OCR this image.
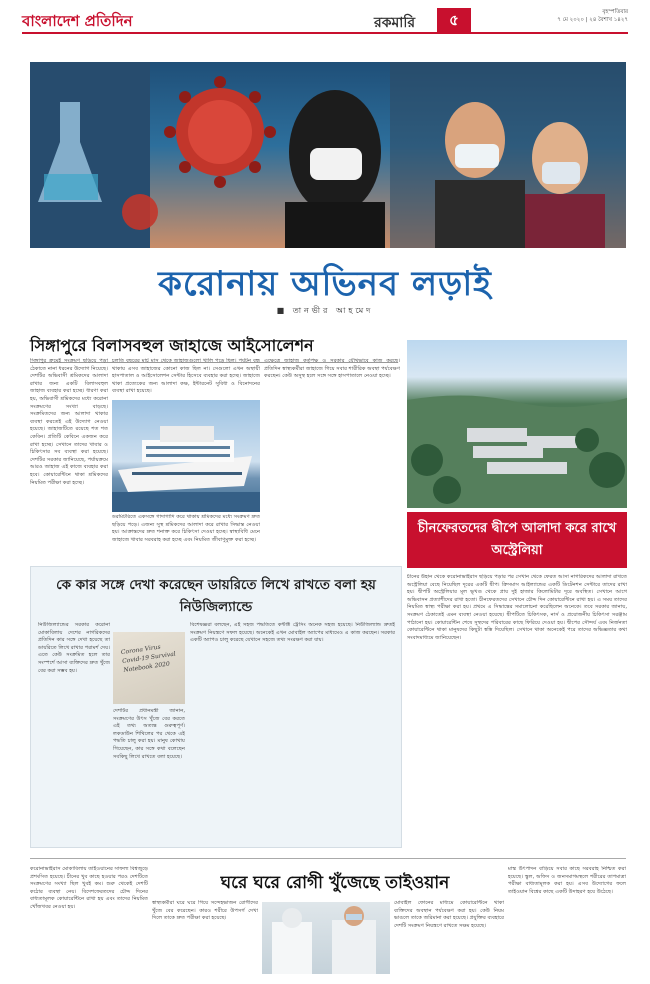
বাংলাদেশ প্রতিদিন	রকমারি	৫	বৃহস্পতিবার
৭ মে ২০২০ | ২৪ বৈশাখ ১৪২৭
করোনায় অভিনব লড়াই
■ তানভীর আহমেদ
সিঙ্গাপুরে বিলাসবহুল জাহাজে আইসোলেশন
সিঙ্গাপুর ক্রমেই সংক্রমণ ছড়িয়ে পড়া ঠেকাতে নানা ধরনের উদ্যোগ নিয়েছে। দেশটির অভিবাসী শ্রমিকদের আলাদা রাখার জন্য একটি বিলাসবহুল জাহাজ ব্যবহার করা হচ্ছে। ধারণা করা হয়, অভিবাসী শ্রমিকদের মধ্যে করোনা সংক্রমণের সংখ্যা বাড়ছে। সংক্রমিতদের জন্য আলাদা থাকার ব্যবস্থা করতেই এই উদ্যোগ নেওয়া হয়েছে। জাহাজটিতে রয়েছে শত শত কেবিন। প্রতিটি কেবিনে একজন করে রাখা হচ্ছে। সেখানে তাদের খাবার ও চিকিৎসার সব ব্যবস্থা করা হয়েছে। দেশটির সরকার জানিয়েছে, পর্যায়ক্রমে আরও জাহাজ এই কাজে ব্যবহার করা হবে। কোয়ারেন্টিনে থাকা শ্রমিকদের নিয়মিত পরীক্ষা করা হচ্ছে।
চলতি বছরের মার্চ মাস থেকে জাহাজগুলো খালি পড়ে ছিল। পর্যটন বন্ধ থাকায় এসব জাহাজের কোনো কাজ ছিল না। সেগুলো এখন অস্থায়ী হাসপাতাল ও আইসোলেশন সেন্টার হিসেবে ব্যবহার করা হচ্ছে। জাহাজে থাকা প্রত্যেকের জন্য আলাদা কক্ষ, ইন্টারনেট সুবিধা ও বিনোদনের ব্যবস্থা রাখা হয়েছে।
ডরমিটরিতে একসঙ্গে গাদাগাদি করে থাকায় শ্রমিকদের মধ্যে সংক্রমণ দ্রুত ছড়িয়ে পড়ে। এজন্য সুস্থ শ্রমিকদের আলাদা করে রাখার সিদ্ধান্ত নেওয়া হয়। আক্রান্তদের দ্রুত শনাক্ত করে চিকিৎসা দেওয়া হচ্ছে। স্বাস্থ্যবিধি মেনে জাহাজে খাবার সরবরাহ করা হচ্ছে এবং নিয়মিত জীবাণুমুক্ত করা হচ্ছে।
এক্ষেত্রে জাহাজ কর্তৃপক্ষ ও সরকার যৌথভাবে কাজ করছে। প্রতিদিন স্বাস্থ্যকর্মীরা জাহাজে গিয়ে সবার শারীরিক অবস্থা পর্যবেক্ষণ করছেন। কেউ অসুস্থ হলে সঙ্গে সঙ্গে হাসপাতালে নেওয়া হচ্ছে।
চীনফেরতদের দ্বীপে আলাদা করে রাখে অস্ট্রেলিয়া
চীনের উহান থেকে করোনাভাইরাস ছড়িয়ে পড়ার পর সেখান থেকে ফেরত আসা নাগরিকদের আলাদা রাখতে অস্ট্রেলিয়া বেছে নিয়েছিল দূরের একটি দ্বীপ। ক্রিসমাস আইল্যান্ডের একটি ডিটেনশন সেন্টারে তাদের রাখা হয়। দ্বীপটি অস্ট্রেলিয়ার মূল ভূখণ্ড থেকে প্রায় দুই হাজার কিলোমিটার দূরে অবস্থিত। সেখানে আগে অভিবাসন প্রত্যাশীদের রাখা হতো। চীনফেরতদের সেখানে চৌদ্দ দিন কোয়ারেন্টিনে রাখা হয়। এ সময় তাদের নিয়মিত স্বাস্থ্য পরীক্ষা করা হয়। প্রথমে এ সিদ্ধান্তের সমালোচনা করেছিলেন অনেকে। তবে সরকার জানায়, সংক্রমণ ঠেকাতেই এমন ব্যবস্থা নেওয়া হয়েছে। দ্বীপটিতে চিকিৎসক, নার্স ও প্রয়োজনীয় চিকিৎসা সরঞ্জাম পাঠানো হয়। কোয়ারেন্টিন শেষে সুস্থদের পরিবারের কাছে ফিরিয়ে দেওয়া হয়। দ্বীপের সৌন্দর্য এবং নির্জনতা কোয়ারেন্টিনে থাকা মানুষদের কিছুটা স্বস্তি দিয়েছিল। সেখানে থাকা অনেকেই পরে তাদের অভিজ্ঞতার কথা সংবাদমাধ্যমে জানিয়েছেন।
কে কার সঙ্গে দেখা করেছেন ডায়রিতে লিখে রাখতে বলা হয় নিউজিল্যান্ডে
নিউজিল্যান্ডের সরকার করোনা মোকাবিলায় দেশের নাগরিকদের প্রতিদিন কার সঙ্গে দেখা হয়েছে তা ডায়রিতে লিখে রাখার পরামর্শ দেয়। এতে কেউ সংক্রমিত হলে তার সংস্পর্শে আসা ব্যক্তিদের দ্রুত খুঁজে বের করা সম্ভব হয়।
Corona Virus Covid-19 Survival Notebook 2020
দেশটির প্রধানমন্ত্রী জানান, সংক্রমণের উৎস খুঁজে বের করতে এই তথ্য অত্যন্ত গুরুত্বপূর্ণ। লকডাউন শিথিলের পর থেকে এই পদ্ধতি চালু করা হয়। মানুষ কোথায় গিয়েছেন, কার সঙ্গে কথা বলেছেন সবকিছু লিখে রাখতে বলা হয়েছে।
বিশেষজ্ঞরা বলছেন, এই সহজ পদ্ধতিতে কন্টাক্ট ট্রেসিং অনেক সহজ হয়েছে। নিউজিল্যান্ড দ্রুতই সংক্রমণ নিয়ন্ত্রণে সফল হয়েছে। অনেকেই এখন মোবাইল অ্যাপের মাধ্যমেও এ কাজ করছেন। সরকার একটি অ্যাপও চালু করেছে যেখানে সহজে তথ্য সংরক্ষণ করা যায়।
ঘরে ঘরে রোগী খুঁজেছে তাইওয়ান
করোনাভাইরাস মোকাবিলায় তাইওয়ানের সাফল্য বিশ্বজুড়ে প্রশংসিত হয়েছে। চীনের খুব কাছে হওয়ার পরও দেশটিতে সংক্রমণের সংখ্যা ছিল খুবই কম। শুরু থেকেই দেশটি কঠোর ব্যবস্থা নেয়। বিদেশফেরতদের চৌদ্দ দিনের বাধ্যতামূলক কোয়ারেন্টিনে রাখা হয় এবং তাদের নিয়মিত খোঁজখবর নেওয়া হয়।
স্বাস্থ্যকর্মীরা ঘরে ঘরে গিয়ে সন্দেহভাজন রোগীদের খুঁজে বের করেছেন। কারও শরীরে উপসর্গ দেখা দিলে তাকে দ্রুত পরীক্ষা করা হয়েছে।
মোবাইল ফোনের মাধ্যমে কোয়ারেন্টিনে থাকা ব্যক্তিদের অবস্থান পর্যবেক্ষণ করা হয়। কেউ নিয়ম ভাঙলে তাকে জরিমানা করা হয়েছে। প্রযুক্তির ব্যবহারে দেশটি সংক্রমণ নিয়ন্ত্রণে রাখতে সক্ষম হয়েছে।
মাস্ক উৎপাদন বাড়িয়ে সবার কাছে সরবরাহ নিশ্চিত করা হয়েছে। স্কুল, অফিস ও জনসমাগমস্থলে শরীরের তাপমাত্রা পরীক্ষা বাধ্যতামূলক করা হয়। এসব উদ্যোগের ফলে তাইওয়ান বিশ্বের কাছে একটি উদাহরণ হয়ে উঠেছে।
